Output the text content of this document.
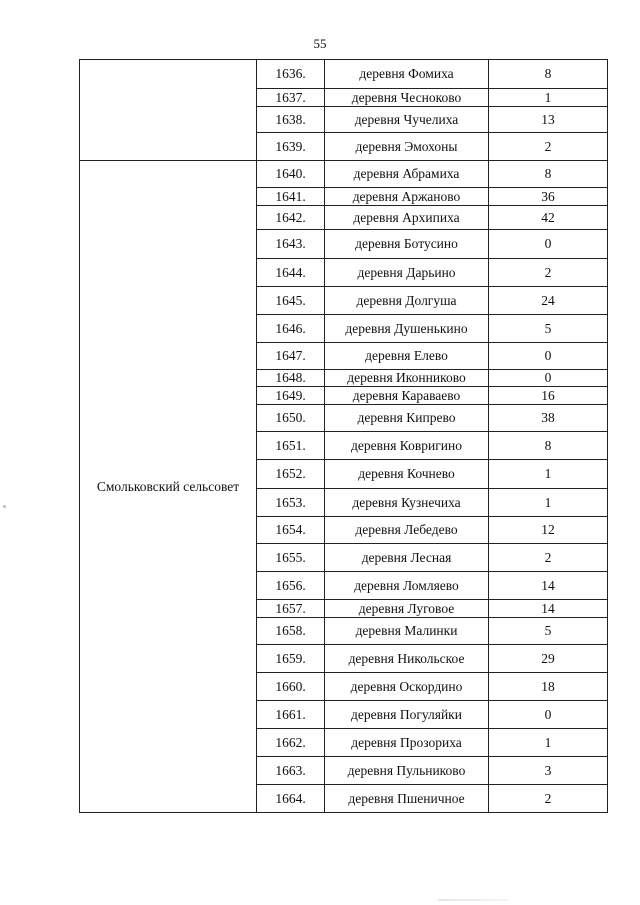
55
	1636.	деревня Фомиха	8
	1637.	деревня Чесноково	1
	1638.	деревня Чучелиха	13
	1639.	деревня Эмохоны	2
Смольковский сельсовет	1640.	деревня Абрамиха	8
	1641.	деревня Аржаново	36
	1642.	деревня Архипиха	42
	1643.	деревня Ботусино	0
	1644.	деревня Дарьино	2
	1645.	деревня Долгуша	24
	1646.	деревня Душенькино	5
	1647.	деревня Елево	0
	1648.	деревня Иконниково	0
	1649.	деревня Караваево	16
	1650.	деревня Кипрево	38
	1651.	деревня Ковригино	8
	1652.	деревня Кочнево	1
	1653.	деревня Кузнечиха	1
	1654.	деревня Лебедево	12
	1655.	деревня Лесная	2
	1656.	деревня Ломляево	14
	1657.	деревня Луговое	14
	1658.	деревня Малинки	5
	1659.	деревня Никольское	29
	1660.	деревня Оскордино	18
	1661.	деревня Погуляйки	0
	1662.	деревня Прозориха	1
	1663.	деревня Пульниково	3
	1664.	деревня Пшеничное	2
